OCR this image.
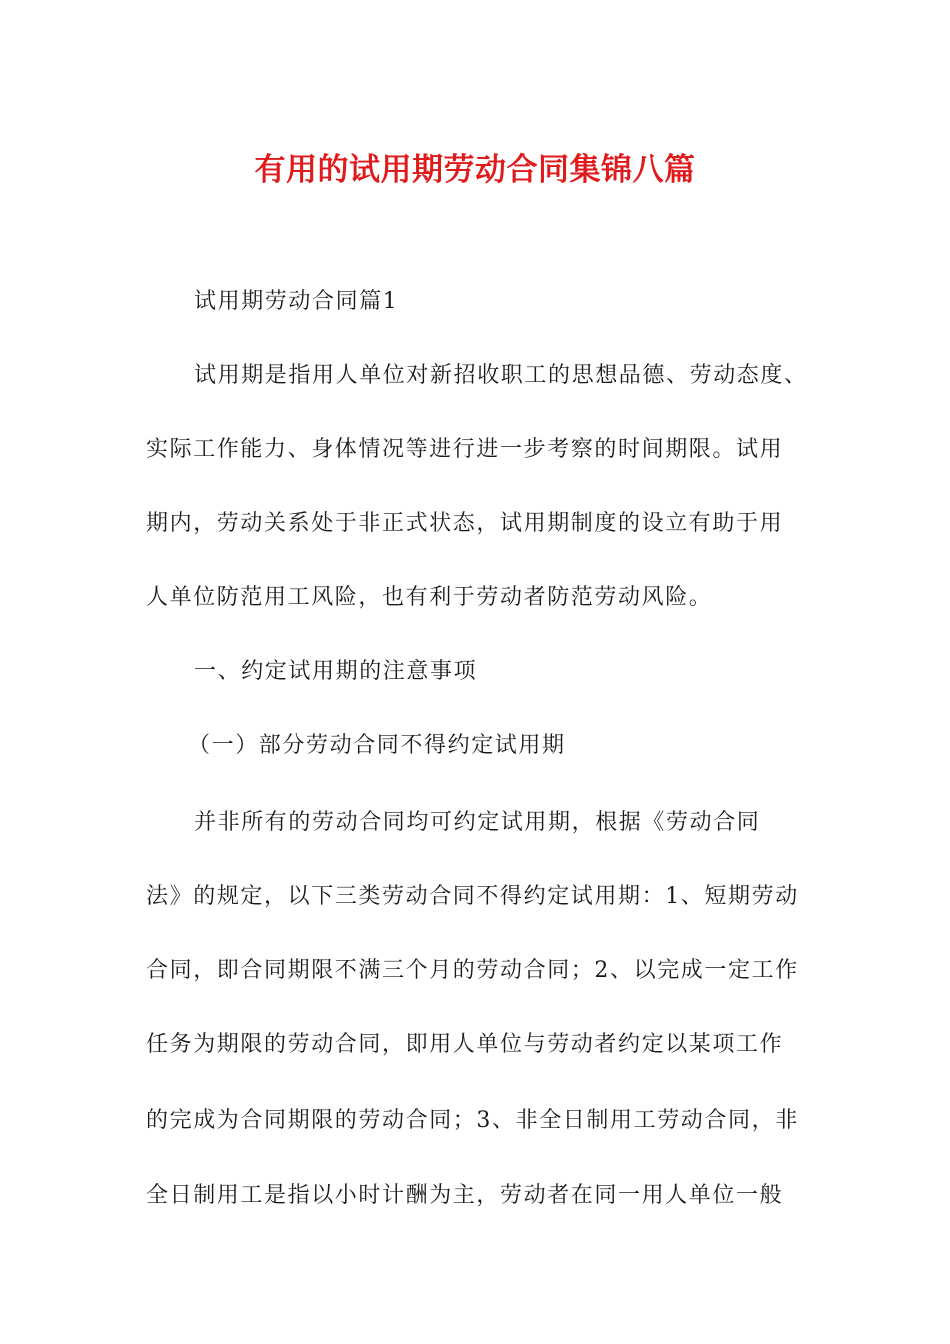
有用的试用期劳动合同集锦八篇

试用期劳动合同篇1

试用期是指用人单位对新招收职工的思想品德、劳动态度、

实际工作能力、身体情况等进行进一步考察的时间期限。试用

期内，劳动关系处于非正式状态，试用期制度的设立有助于用

人单位防范用工风险，也有利于劳动者防范劳动风险。

一、约定试用期的注意事项

（一）部分劳动合同不得约定试用期

并非所有的劳动合同均可约定试用期，根据《劳动合同

法》的规定，以下三类劳动合同不得约定试用期：1、短期劳动

合同，即合同期限不满三个月的劳动合同；2、以完成一定工作

任务为期限的劳动合同，即用人单位与劳动者约定以某项工作

的完成为合同期限的劳动合同；3、非全日制用工劳动合同，非

全日制用工是指以小时计酬为主，劳动者在同一用人单位一般
